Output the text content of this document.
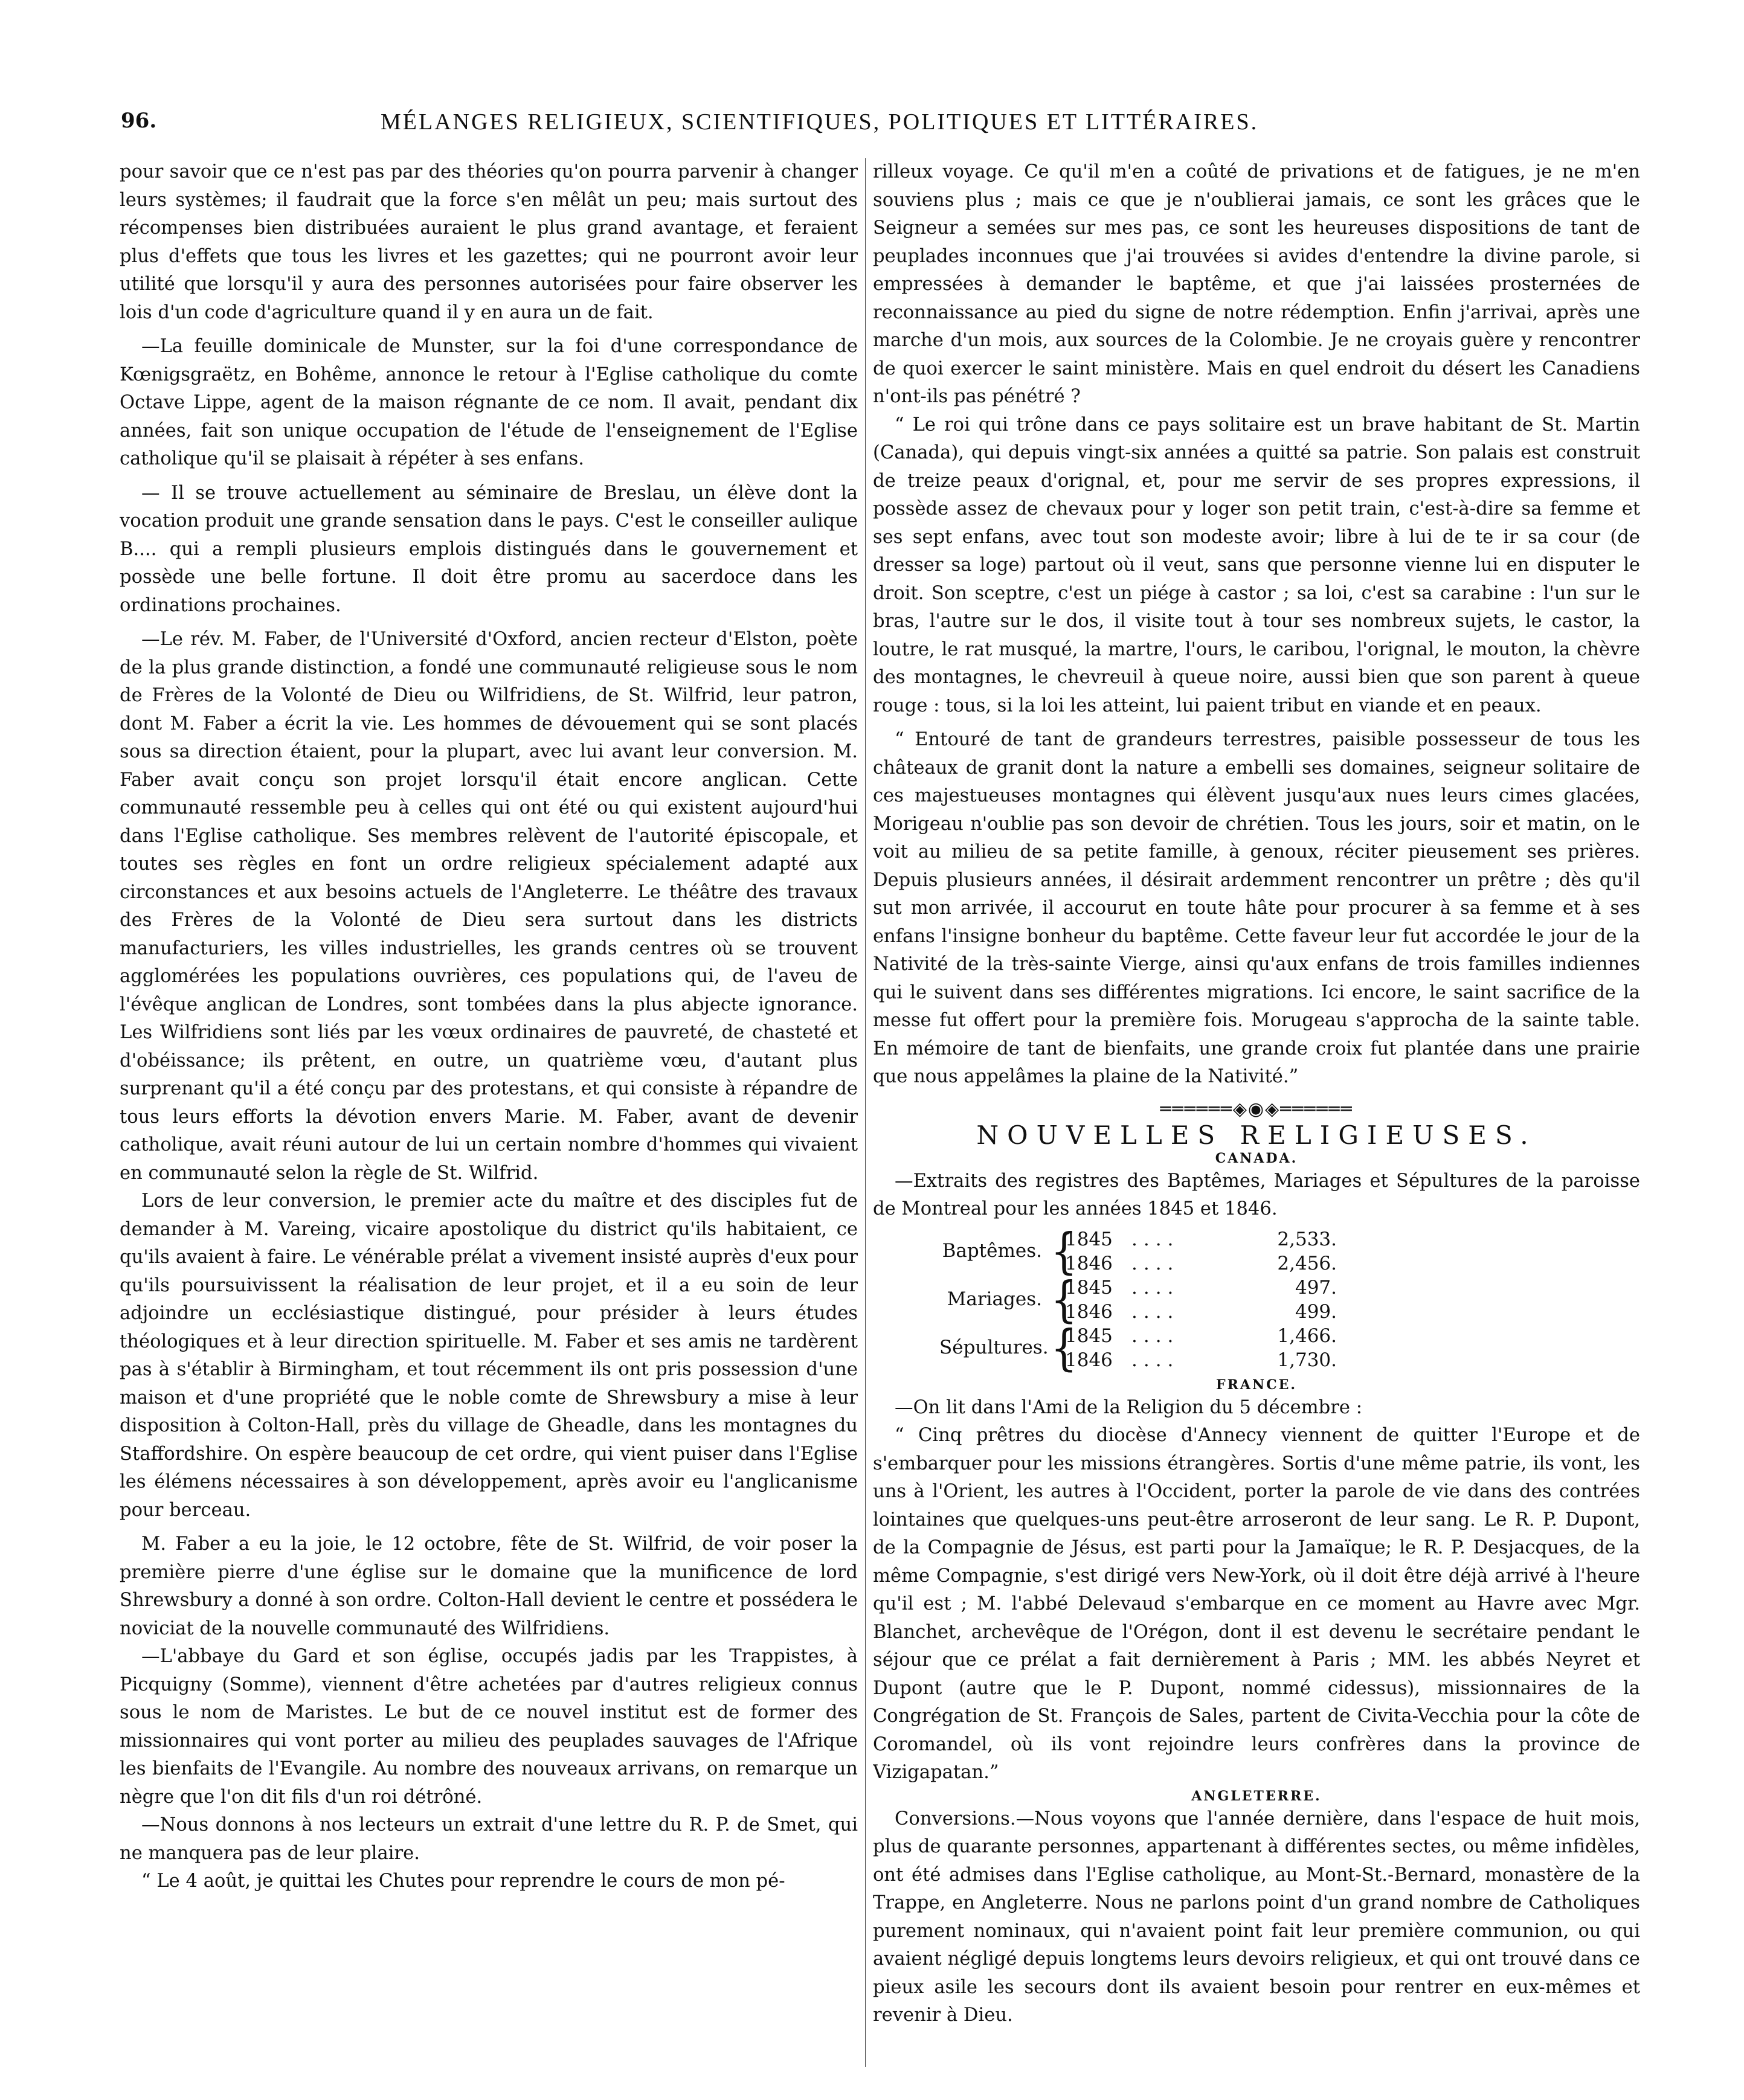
96.	MÉLANGES RELIGIEUX, SCIENTIFIQUES, POLITIQUES ET LITTÉRAIRES.

pour savoir que ce n'est pas par des théories qu'on pourra parvenir à changer leurs systèmes; il faudrait que la force s'en mêlât un peu; mais surtout des récompenses bien distribuées auraient le plus grand avantage, et feraient plus d'effets que tous les livres et les gazettes; qui ne pourront avoir leur utilité que lorsqu'il y aura des personnes autorisées pour faire observer les lois d'un code d'agriculture quand il y en aura un de fait.

—La feuille dominicale de Munster, sur la foi d'une correspondance de Kœnigsgraëtz, en Bohême, annonce le retour à l'Eglise catholique du comte Octave Lippe, agent de la maison régnante de ce nom. Il avait, pendant dix années, fait son unique occupation de l'étude de l'enseignement de l'Eglise catholique qu'il se plaisait à répéter à ses enfans.

— Il se trouve actuellement au séminaire de Breslau, un élève dont la vocation produit une grande sensation dans le pays. C'est le conseiller aulique B.... qui a rempli plusieurs emplois distingués dans le gouvernement et possède une belle fortune. Il doit être promu au sacerdoce dans les ordinations prochaines.

—Le rév. M. Faber, de l'Université d'Oxford, ancien recteur d'Elston, poète de la plus grande distinction, a fondé une communauté religieuse sous le nom de Frères de la Volonté de Dieu ou Wilfridiens, de St. Wilfrid, leur patron, dont M. Faber a écrit la vie. Les hommes de dévouement qui se sont placés sous sa direction étaient, pour la plupart, avec lui avant leur conversion. M. Faber avait conçu son projet lorsqu'il était encore anglican. Cette communauté ressemble peu à celles qui ont été ou qui existent aujourd'hui dans l'Eglise catholique. Ses membres relèvent de l'autorité épiscopale, et toutes ses règles en font un ordre religieux spécialement adapté aux circonstances et aux besoins actuels de l'Angleterre. Le théâtre des travaux des Frères de la Volonté de Dieu sera surtout dans les districts manufacturiers, les villes industrielles, les grands centres où se trouvent agglomérées les populations ouvrières, ces populations qui, de l'aveu de l'évêque anglican de Londres, sont tombées dans la plus abjecte ignorance. Les Wilfridiens sont liés par les vœux ordinaires de pauvreté, de chasteté et d'obéissance; ils prêtent, en outre, un quatrième vœu, d'autant plus surprenant qu'il a été conçu par des protestans, et qui consiste à répandre de tous leurs efforts la dévotion envers Marie. M. Faber, avant de devenir catholique, avait réuni autour de lui un certain nombre d'hommes qui vivaient en communauté selon la règle de St. Wilfrid.

Lors de leur conversion, le premier acte du maître et des disciples fut de demander à M. Vareing, vicaire apostolique du district qu'ils habitaient, ce qu'ils avaient à faire. Le vénérable prélat a vivement insisté auprès d'eux pour qu'ils poursuivissent la réalisation de leur projet, et il a eu soin de leur adjoindre un ecclésiastique distingué, pour présider à leurs études théologiques et à leur direction spirituelle. M. Faber et ses amis ne tardèrent pas à s'établir à Birmingham, et tout récemment ils ont pris possession d'une maison et d'une propriété que le noble comte de Shrewsbury a mise à leur disposition à Colton-Hall, près du village de Gheadle, dans les montagnes du Staffordshire. On espère beaucoup de cet ordre, qui vient puiser dans l'Eglise les élémens nécessaires à son développement, après avoir eu l'anglicanisme pour berceau.

M. Faber a eu la joie, le 12 octobre, fête de St. Wilfrid, de voir poser la première pierre d'une église sur le domaine que la munificence de lord Shrewsbury a donné à son ordre. Colton-Hall devient le centre et possédera le noviciat de la nouvelle communauté des Wilfridiens.

—L'abbaye du Gard et son église, occupés jadis par les Trappistes, à Picquigny (Somme), viennent d'être achetées par d'autres religieux connus sous le nom de Maristes. Le but de ce nouvel institut est de former des missionnaires qui vont porter au milieu des peuplades sauvages de l'Afrique les bienfaits de l'Evangile. Au nombre des nouveaux arrivans, on remarque un nègre que l'on dit fils d'un roi détrôné.

—Nous donnons à nos lecteurs un extrait d'une lettre du R. P. de Smet, qui ne manquera pas de leur plaire.

“ Le 4 août, je quittai les Chutes pour reprendre le cours de mon pé-

rilleux voyage. Ce qu'il m'en a coûté de privations et de fatigues, je ne m'en souviens plus ; mais ce que je n'oublierai jamais, ce sont les grâces que le Seigneur a semées sur mes pas, ce sont les heureuses dispositions de tant de peuplades inconnues que j'ai trouvées si avides d'entendre la divine parole, si empressées à demander le baptême, et que j'ai laissées prosternées de reconnaissance au pied du signe de notre rédemption. Enfin j'arrivai, après une marche d'un mois, aux sources de la Colombie. Je ne croyais guère y rencontrer de quoi exercer le saint ministère. Mais en quel endroit du désert les Canadiens n'ont-ils pas pénétré ?

“ Le roi qui trône dans ce pays solitaire est un brave habitant de St. Martin (Canada), qui depuis vingt-six années a quitté sa patrie. Son palais est construit de treize peaux d'orignal, et, pour me servir de ses propres expressions, il possède assez de chevaux pour y loger son petit train, c'est-à-dire sa femme et ses sept enfans, avec tout son modeste avoir; libre à lui de te ir sa cour (de dresser sa loge) partout où il veut, sans que personne vienne lui en disputer le droit. Son sceptre, c'est un piége à castor ; sa loi, c'est sa carabine : l'un sur le bras, l'autre sur le dos, il visite tout à tour ses nombreux sujets, le castor, la loutre, le rat musqué, la martre, l'ours, le caribou, l'orignal, le mouton, la chèvre des montagnes, le chevreuil à queue noire, aussi bien que son parent à queue rouge : tous, si la loi les atteint, lui paient tribut en viande et en peaux.

“ Entouré de tant de grandeurs terrestres, paisible possesseur de tous les châteaux de granit dont la nature a embelli ses domaines, seigneur solitaire de ces majestueuses montagnes qui élèvent jusqu'aux nues leurs cimes glacées, Morigeau n'oublie pas son devoir de chrétien. Tous les jours, soir et matin, on le voit au milieu de sa petite famille, à genoux, réciter pieusement ses prières. Depuis plusieurs années, il désirait ardemment rencontrer un prêtre ; dès qu'il sut mon arrivée, il accourut en toute hâte pour procurer à sa femme et à ses enfans l'insigne bonheur du baptême. Cette faveur leur fut accordée le jour de la Nativité de la très-sainte Vierge, ainsi qu'aux enfans de trois familles indiennes qui le suivent dans ses différentes migrations. Ici encore, le saint sacrifice de la messe fut offert pour la première fois. Morugeau s'approcha de la sainte table. En mémoire de tant de bienfaits, une grande croix fut plantée dans une prairie que nous appelâmes la plaine de la Nativité.”

══════◈◉◈══════
NOUVELLES RELIGIEUSES.
CANADA.

—Extraits des registres des Baptêmes, Mariages et Sépultures de la paroisse de Montreal pour les années 1845 et 1846.

Baptêmes. {
1845	....	2,533.
1846	....	2,456.
Mariages. {
1845	....	497.
1846	....	499.
Sépultures. {
1845	....	1,466.
1846	....	1,730.
FRANCE.

—On lit dans l'Ami de la Religion du 5 décembre :

“ Cinq prêtres du diocèse d'Annecy viennent de quitter l'Europe et de s'embarquer pour les missions étrangères. Sortis d'une même patrie, ils vont, les uns à l'Orient, les autres à l'Occident, porter la parole de vie dans des contrées lointaines que quelques-uns peut-être arroseront de leur sang. Le R. P. Dupont, de la Compagnie de Jésus, est parti pour la Jamaïque; le R. P. Desjacques, de la même Compagnie, s'est dirigé vers New-York, où il doit être déjà arrivé à l'heure qu'il est ; M. l'abbé Delevaud s'embarque en ce moment au Havre avec Mgr. Blanchet, archevêque de l'Orégon, dont il est devenu le secrétaire pendant le séjour que ce prélat a fait dernièrement à Paris ; MM. les abbés Neyret et Dupont (autre que le P. Dupont, nommé cidessus), missionnaires de la Congrégation de St. François de Sales, partent de Civita-Vecchia pour la côte de Coromandel, où ils vont rejoindre leurs confrères dans la province de Vizigapatan.”

ANGLETERRE.

Conversions.—Nous voyons que l'année dernière, dans l'espace de huit mois, plus de quarante personnes, appartenant à différentes sectes, ou même infidèles, ont été admises dans l'Eglise catholique, au Mont-St.-Bernard, monastère de la Trappe, en Angleterre. Nous ne parlons point d'un grand nombre de Catholiques purement nominaux, qui n'avaient point fait leur première communion, ou qui avaient négligé depuis longtems leurs devoirs religieux, et qui ont trouvé dans ce pieux asile les secours dont ils avaient besoin pour rentrer en eux-mêmes et revenir à Dieu.
